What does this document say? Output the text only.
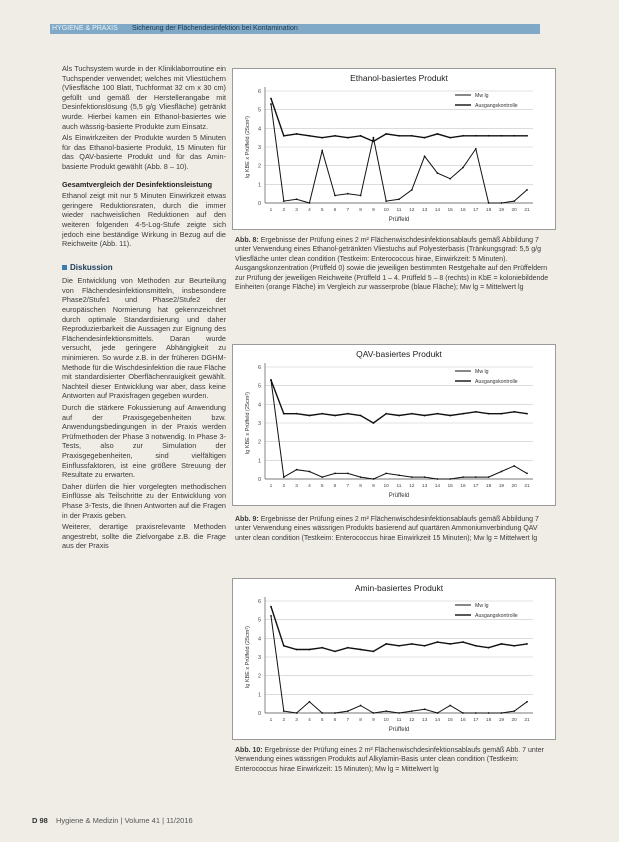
HYGIENE & PRAXIS Sicherung der Flächendesinfektion bei Kontamination

Als Tuchsystem wurde in der Kliniklaborroutine ein Tuchspender verwendet; welches mit Vliestüchern (Vliesfläche 100 Blatt, Tuchformat 32 cm x 30 cm) gefüllt und gemäß der Herstellerangabe mit Desinfektionslösung (5,5 g/g Vliesfläche) getränkt wurde. Hierbei kamen ein Ethanol-basiertes wie auch wässrig-basierte Produkte zum Einsatz.

Als Einwirkzeiten der Produkte wurden 5 Minuten für das Ethanol-basierte Produkt, 15 Minuten für das QAV-basierte Produkt und für das Amin-basierte Produkt gewählt (Abb. 8 – 10).

Gesamtvergleich der Desinfektionsleistung

Ethanol zeigt mit nur 5 Minuten Einwirkzeit etwas geringere Reduktionsraten, durch die immer wieder nachweislichen Reduktionen auf den weiteren folgenden 4-5-Log-Stufe zeigte sich jedoch eine beständige Wirkung in Bezug auf die Reichweite (Abb. 11).

Diskussion

Die Entwicklung von Methoden zur Beurteilung von Flächendesinfektionsmitteln, insbesondere Phase2/Stufe1 und Phase2/Stufe2 der europäischen Normierung hat gekennzeichnet durch optimale Standardisierung und daher Reproduzierbarkeit die Aussagen zur Eignung des Flächendesinfektionsmittels. Daran wurde versucht, jede geringere Abhängigkeit zu minimieren. So wurde z.B. in der früheren DGHM-Methode für die Wischdesinfektion die raue Fläche mit standardisierter Oberflächenrauigkeit gewählt. Nachteil dieser Entwicklung war aber, dass keine Antworten auf Praxisfragen gegeben wurden.

Durch die stärkere Fokussierung auf Anwendung auf der Praxisgegebenheiten bzw. Anwendungsbedingungen in der Praxis werden Prüfmethoden der Phase 3 notwendig. In Phase 3-Tests, also zur Simulation der Praxisgegebenheiten, sind vielfältigen Einflussfaktoren, ist eine größere Streuung der Resultate zu erwarten.

Daher dürfen die hier vorgelegten methodischen Einflüsse als Teilschritte zu der Entwicklung von Phase 3-Tests, die Ihnen Antworten auf die Fragen in der Praxis geben.

Weiterer, derartige praxisrelevante Methoden angestrebt, sollte die Zielvorgabe z.B. die Frage aus der Praxis

Ethanol-basiertes Produkt
0
1
2
3
4
5
6
1 2 3 4 5 6 7 8 9 10 11 12 13 14 15 16 17 18 19 20 21
Prüffeld
lg KBE x Prüffeld (25cm²)
Mw lg
Ausgangskontrolle
Abb. 8: Ergebnisse der Prüfung eines 2 m² Flächenwischdesinfektionsablaufs gemäß Abbildung 7 unter Verwendung eines Ethanol-getränkten Vliestuchs auf Polyesterbasis (Tränkungsgrad: 5,5 g/g Vliesfläche unter clean condition (Testkeim: Enterococcus hirae, Einwirkzeit: 5 Minuten). Ausgangskonzentration (Prüffeld 0) sowie die jeweiligen bestimmten Restgehalte auf den Prüffeldern zur Prüfung der jeweiligen Reichweite (Prüffeld 1 – 4. Prüffeld 5 – 8 (rechts) in KbE = koloniebildende Einheiten (orange Fläche) im Vergleich zur wasserprobe (blaue Fläche); Mw lg = Mittelwert lg
QAV-basiertes Produkt
0
1
2
3
4
5
6
1 2 3 4 5 6 7 8 9 10 11 12 13 14 15 16 17 18 19 20 21
Prüffeld
lg KBE x Prüffeld (25cm²)
Mw lg
Ausgangskontrolle
Abb. 9: Ergebnisse der Prüfung eines 2 m² Flächenwischdesinfektionsablaufs gemäß Abbildung 7 unter Verwendung eines wässrigen Produkts basierend auf quartären Ammoniumverbindung QAV unter clean condition (Testkeim: Enterococcus hirae Einwirkzeit 15 Minuten); Mw lg = Mittelwert lg
Amin-basiertes Produkt
0
1
2
3
4
5
6
1 2 3 4 5 6 7 8 9 10 11 12 13 14 15 16 17 18 19 20 21
Prüffeld
lg KBE x Prüffeld (25cm²)
Mw lg
Ausgangskontrolle
Abb. 10: Ergebnisse der Prüfung eines 2 m² Flächenwischdesinfektionsablaufs gemäß Abb. 7 unter Verwendung eines wässrigen Produkts auf Alkylamin-Basis unter clean condition (Testkeim: Enterococcus hirae Einwirkzeit: 15 Minuten); Mw lg = Mittelwert lg
D 98 Hygiene & Medizin | Volume 41 | 11/2016
